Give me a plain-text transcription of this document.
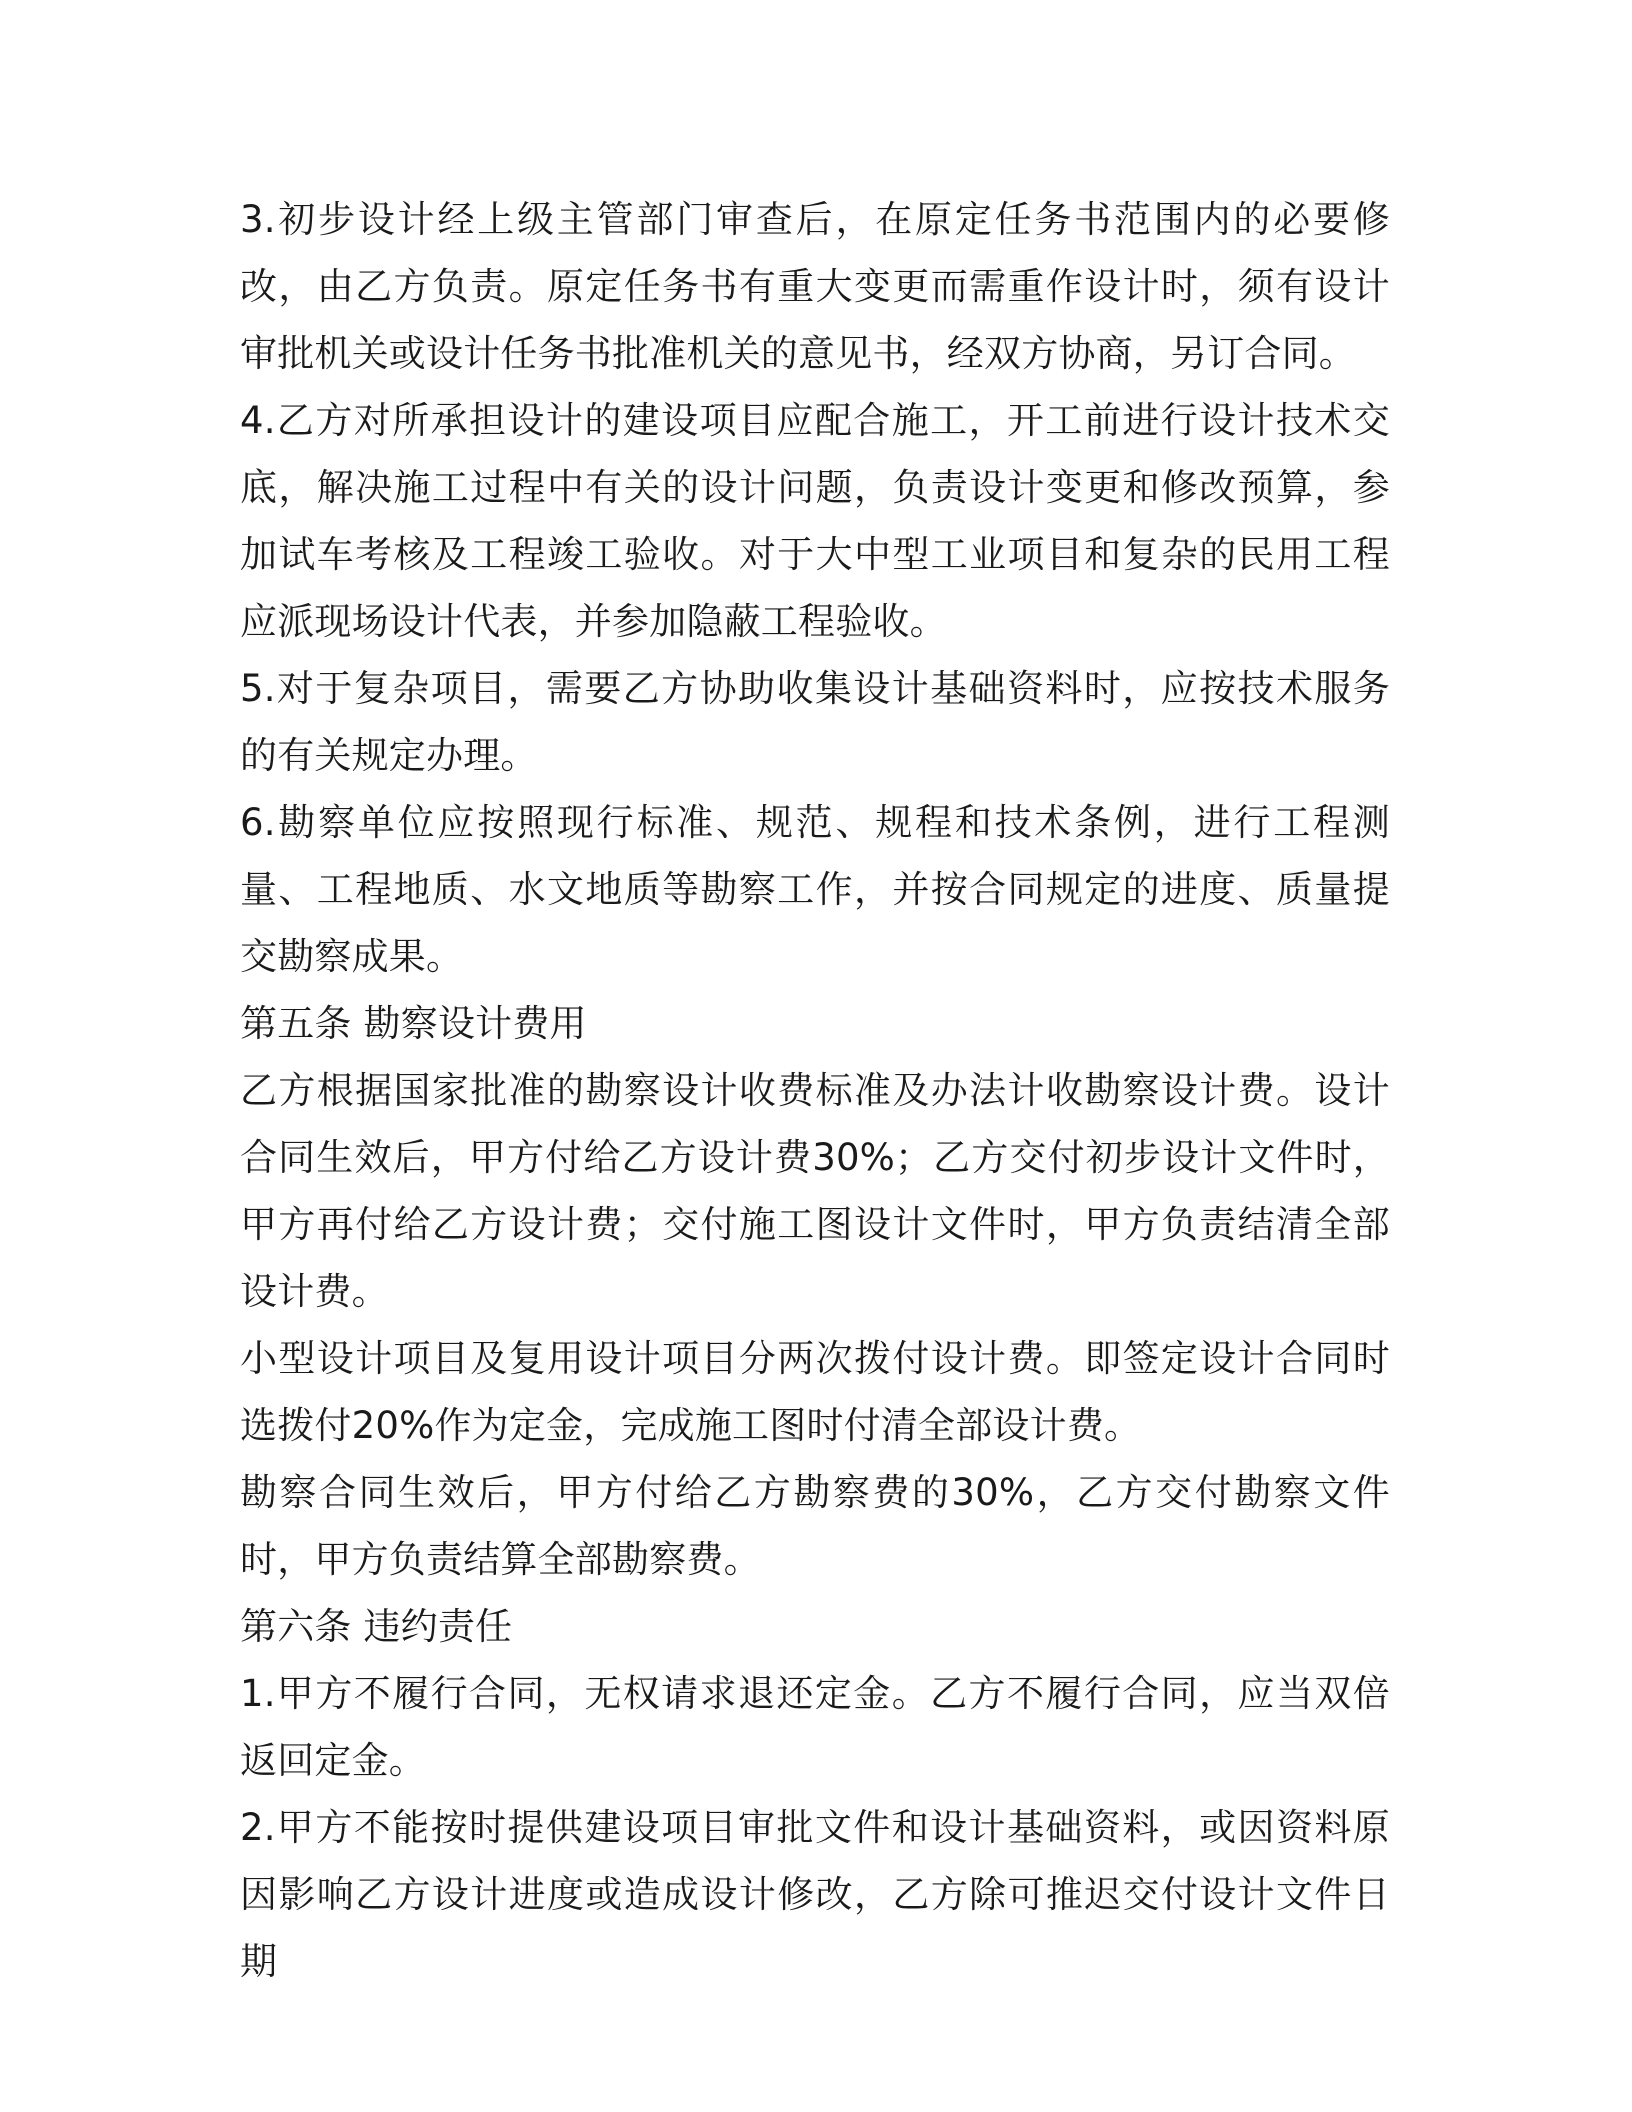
3.初步设计经上级主管部门审查后，在原定任务书范围内的必要修改，由乙方负责。原定任务书有重大变更而需重作设计时，须有设计审批机关或设计任务书批准机关的意见书，经双方协商，另订合同。

4.乙方对所承担设计的建设项目应配合施工，开工前进行设计技术交底，解决施工过程中有关的设计问题，负责设计变更和修改预算，参加试车考核及工程竣工验收。对于大中型工业项目和复杂的民用工程应派现场设计代表，并参加隐蔽工程验收。

5.对于复杂项目，需要乙方协助收集设计基础资料时，应按技术服务的有关规定办理。

6.勘察单位应按照现行标准、规范、规程和技术条例，进行工程测量、工程地质、水文地质等勘察工作，并按合同规定的进度、质量提交勘察成果。

第五条 勘察设计费用

乙方根据国家批准的勘察设计收费标准及办法计收勘察设计费。设计合同生效后，甲方付给乙方设计费30%；乙方交付初步设计文件时，甲方再付给乙方设计费；交付施工图设计文件时，甲方负责结清全部设计费。

小型设计项目及复用设计项目分两次拨付设计费。即签定设计合同时选拨付20%作为定金，完成施工图时付清全部设计费。

勘察合同生效后，甲方付给乙方勘察费的30%，乙方交付勘察文件时，甲方负责结算全部勘察费。

第六条 违约责任

1.甲方不履行合同，无权请求退还定金。乙方不履行合同，应当双倍返回定金。

2.甲方不能按时提供建设项目审批文件和设计基础资料，或因资料原因影响乙方设计进度或造成设计修改，乙方除可推迟交付设计文件日期
